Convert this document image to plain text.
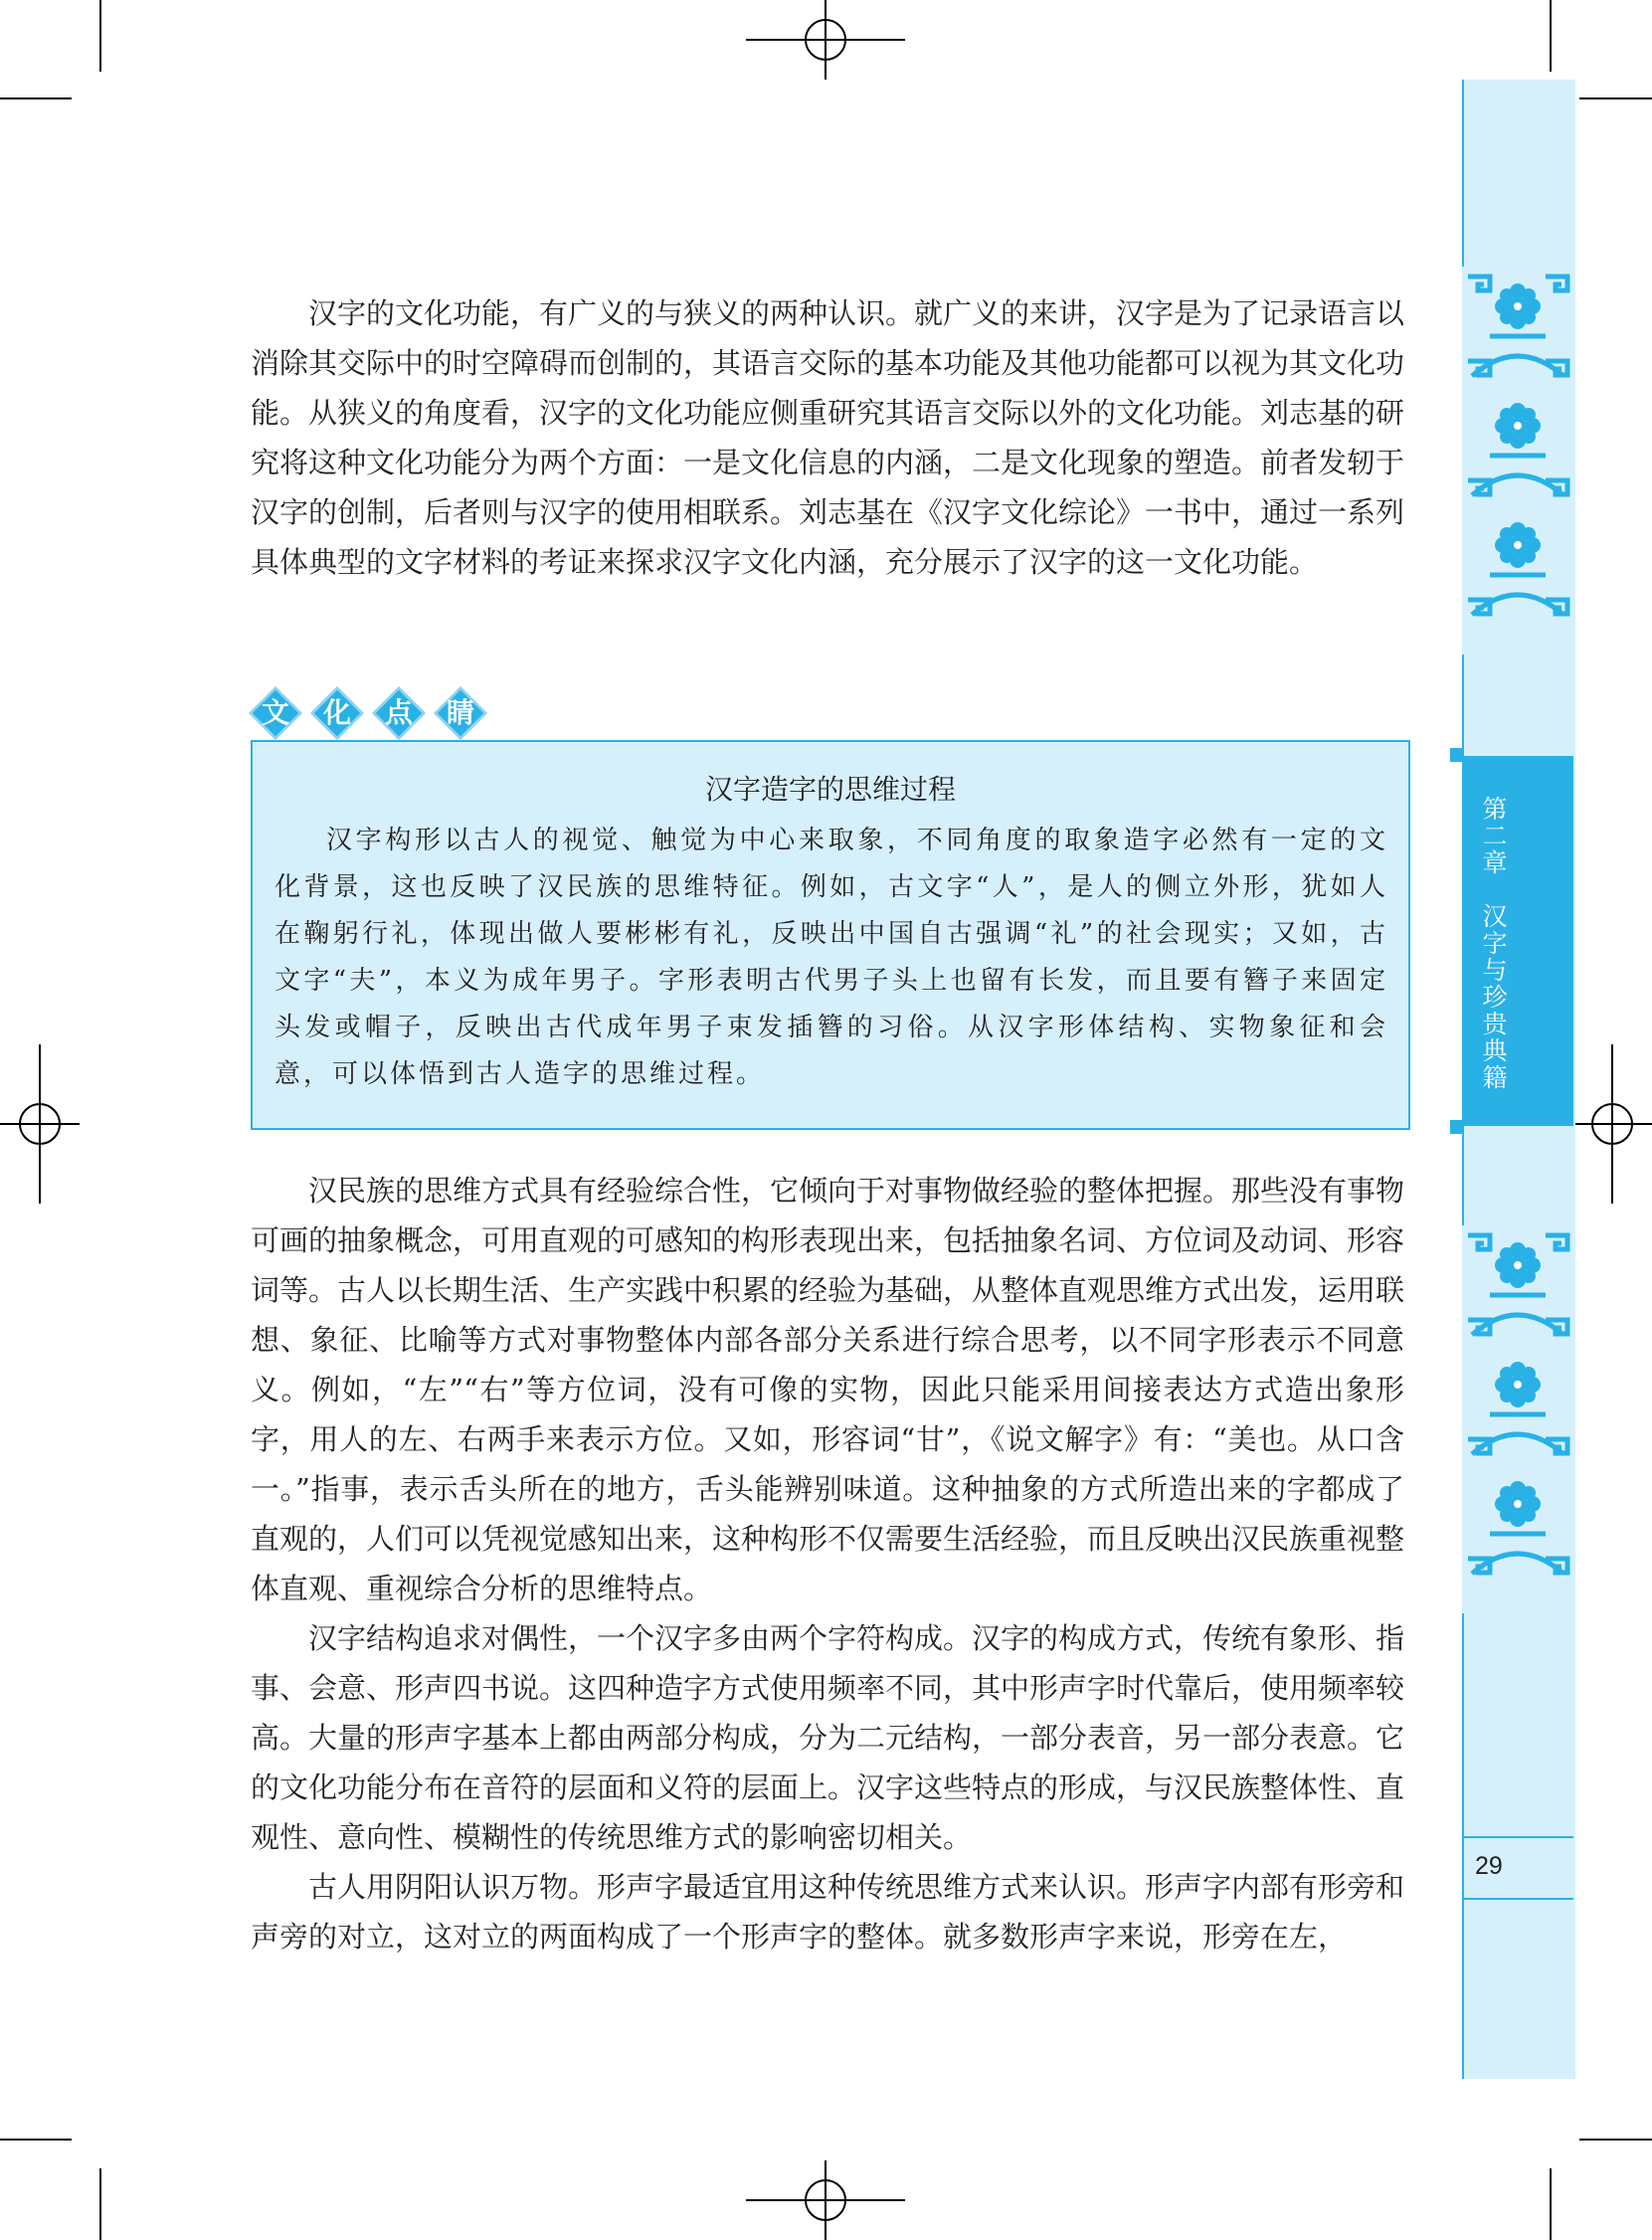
第二章　汉字与珍贵典籍
29

汉字的文化功能，有广义的与狭义的两种认识。就广义的来讲，汉字是为了记录语言以消除其交际中的时空障碍而创制的，其语言交际的基本功能及其他功能都可以视为其文化功能。从狭义的角度看，汉字的文化功能应侧重研究其语言交际以外的文化功能。刘志基的研究将这种文化功能分为两个方面：一是文化信息的内涵，二是文化现象的塑造。前者发轫于汉字的创制，后者则与汉字的使用相联系。刘志基在《汉字文化综论》一书中，通过一系列具体典型的文字材料的考证来探求汉字文化内涵，充分展示了汉字的这一文化功能。

文	化	点	睛
汉字造字的思维过程

汉字构形以古人的视觉、触觉为中心来取象，不同角度的取象造字必然有一定的文化背景，这也反映了汉民族的思维特征。例如，古文字“人”，是人的侧立外形，犹如人在鞠躬行礼，体现出做人要彬彬有礼，反映出中国自古强调“礼”的社会现实；又如，古文字“夫”，本义为成年男子。字形表明古代男子头上也留有长发，而且要有簪子来固定头发或帽子，反映出古代成年男子束发插簪的习俗。从汉字形体结构、实物象征和会意，可以体悟到古人造字的思维过程。

汉民族的思维方式具有经验综合性，它倾向于对事物做经验的整体把握。那些没有事物可画的抽象概念，可用直观的可感知的构形表现出来，包括抽象名词、方位词及动词、形容词等。古人以长期生活、生产实践中积累的经验为基础，从整体直观思维方式出发，运用联想、象征、比喻等方式对事物整体内部各部分关系进行综合思考，以不同字形表示不同意义。例如，“左”“右”等方位词，没有可像的实物，因此只能采用间接表达方式造出象形字，用人的左、右两手来表示方位。又如，形容词“甘”，《说文解字》有：“美也。从口含一。”指事，表示舌头所在的地方，舌头能辨别味道。这种抽象的方式所造出来的字都成了直观的，人们可以凭视觉感知出来，这种构形不仅需要生活经验，而且反映出汉民族重视整体直观、重视综合分析的思维特点。

汉字结构追求对偶性，一个汉字多由两个字符构成。汉字的构成方式，传统有象形、指事、会意、形声四书说。这四种造字方式使用频率不同，其中形声字时代靠后，使用频率较高。大量的形声字基本上都由两部分构成，分为二元结构，一部分表音，另一部分表意。它的文化功能分布在音符的层面和义符的层面上。汉字这些特点的形成，与汉民族整体性、直观性、意向性、模糊性的传统思维方式的影响密切相关。

古人用阴阳认识万物。形声字最适宜用这种传统思维方式来认识。形声字内部有形旁和声旁的对立，这对立的两面构成了一个形声字的整体。就多数形声字来说，形旁在左，
